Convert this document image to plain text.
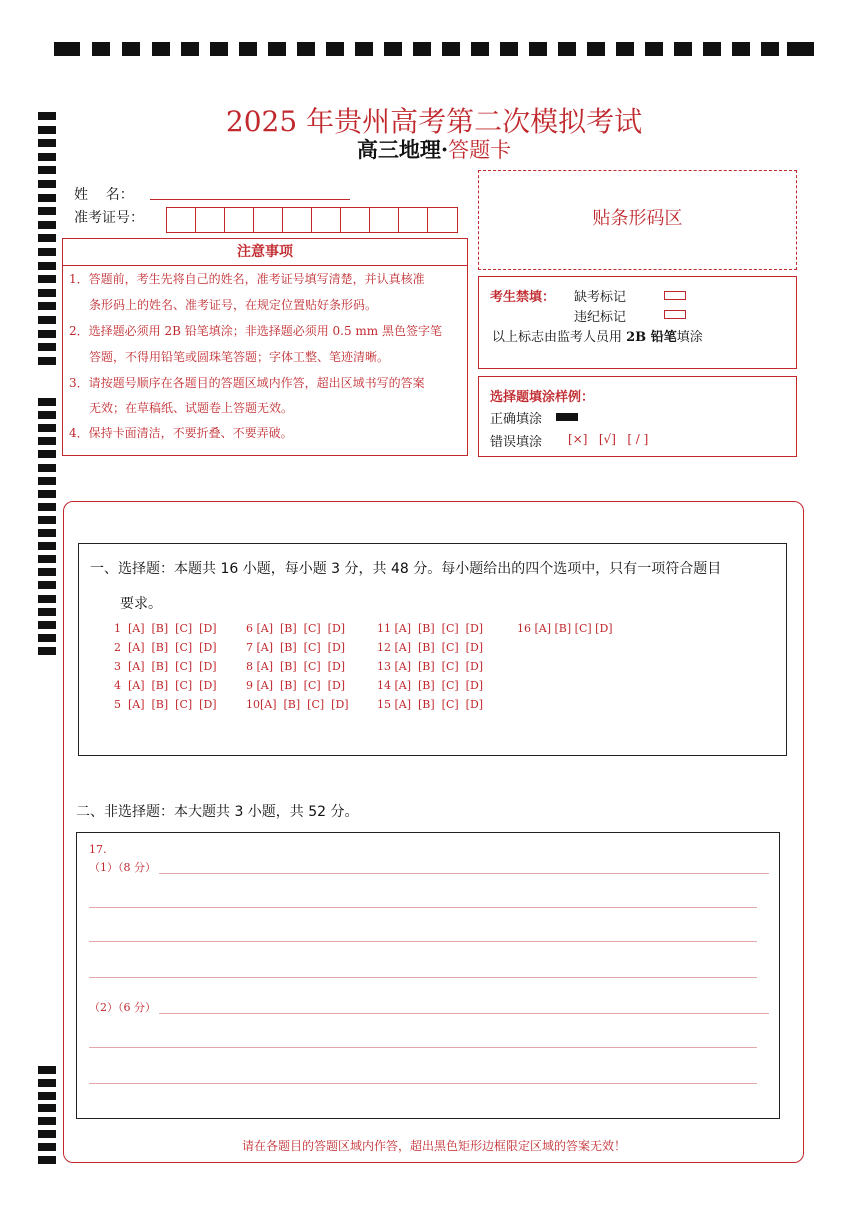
2025 年贵州高考第二次模拟考试
高三地理·答题卡
姓    名：
准考证号：
注意事项
1．答题前，考生先将自己的姓名，准考证号填写清楚，并认真核准
条形码上的姓名、准考证号，在规定位置贴好条形码。
2．选择题必须用 2B 铅笔填涂；非选择题必须用 0.5 mm 黑色签字笔
答题，不得用铅笔或圆珠笔答题；字体工整、笔迹清晰。
3．请按题号顺序在各题目的答题区域内作答，超出区域书写的答案
无效；在草稿纸、试题卷上答题无效。
4．保持卡面清洁，不要折叠、不要弄破。
贴条形码区
考生禁填： 缺考标记
违纪标记
以上标志由监考人员用 2B 铅笔填涂
选择题填涂样例：
正确填涂
错误填涂 [×]   [√]   [ / ]
一、选择题：本题共 16 小题，每小题 3 分，共 48 分。每小题给出的四个选项中，只有一项符合题目
要求。
1  [A]  [B]  [C]  [D]
2  [A]  [B]  [C]  [D]
3  [A]  [B]  [C]  [D]
4  [A]  [B]  [C]  [D]
5  [A]  [B]  [C]  [D]
6 [A]  [B]  [C]  [D]
7 [A]  [B]  [C]  [D]
8 [A]  [B]  [C]  [D]
9 [A]  [B]  [C]  [D]
10[A]  [B]  [C]  [D]
11 [A]  [B]  [C]  [D]
12 [A]  [B]  [C]  [D]
13 [A]  [B]  [C]  [D]
14 [A]  [B]  [C]  [D]
15 [A]  [B]  [C]  [D]
16 [A] [B] [C] [D]
二、非选择题：本大题共 3 小题，共 52 分。
17.
（1）（8 分）
（2）（6 分）
请在各题目的答题区域内作答，超出黑色矩形边框限定区域的答案无效！
